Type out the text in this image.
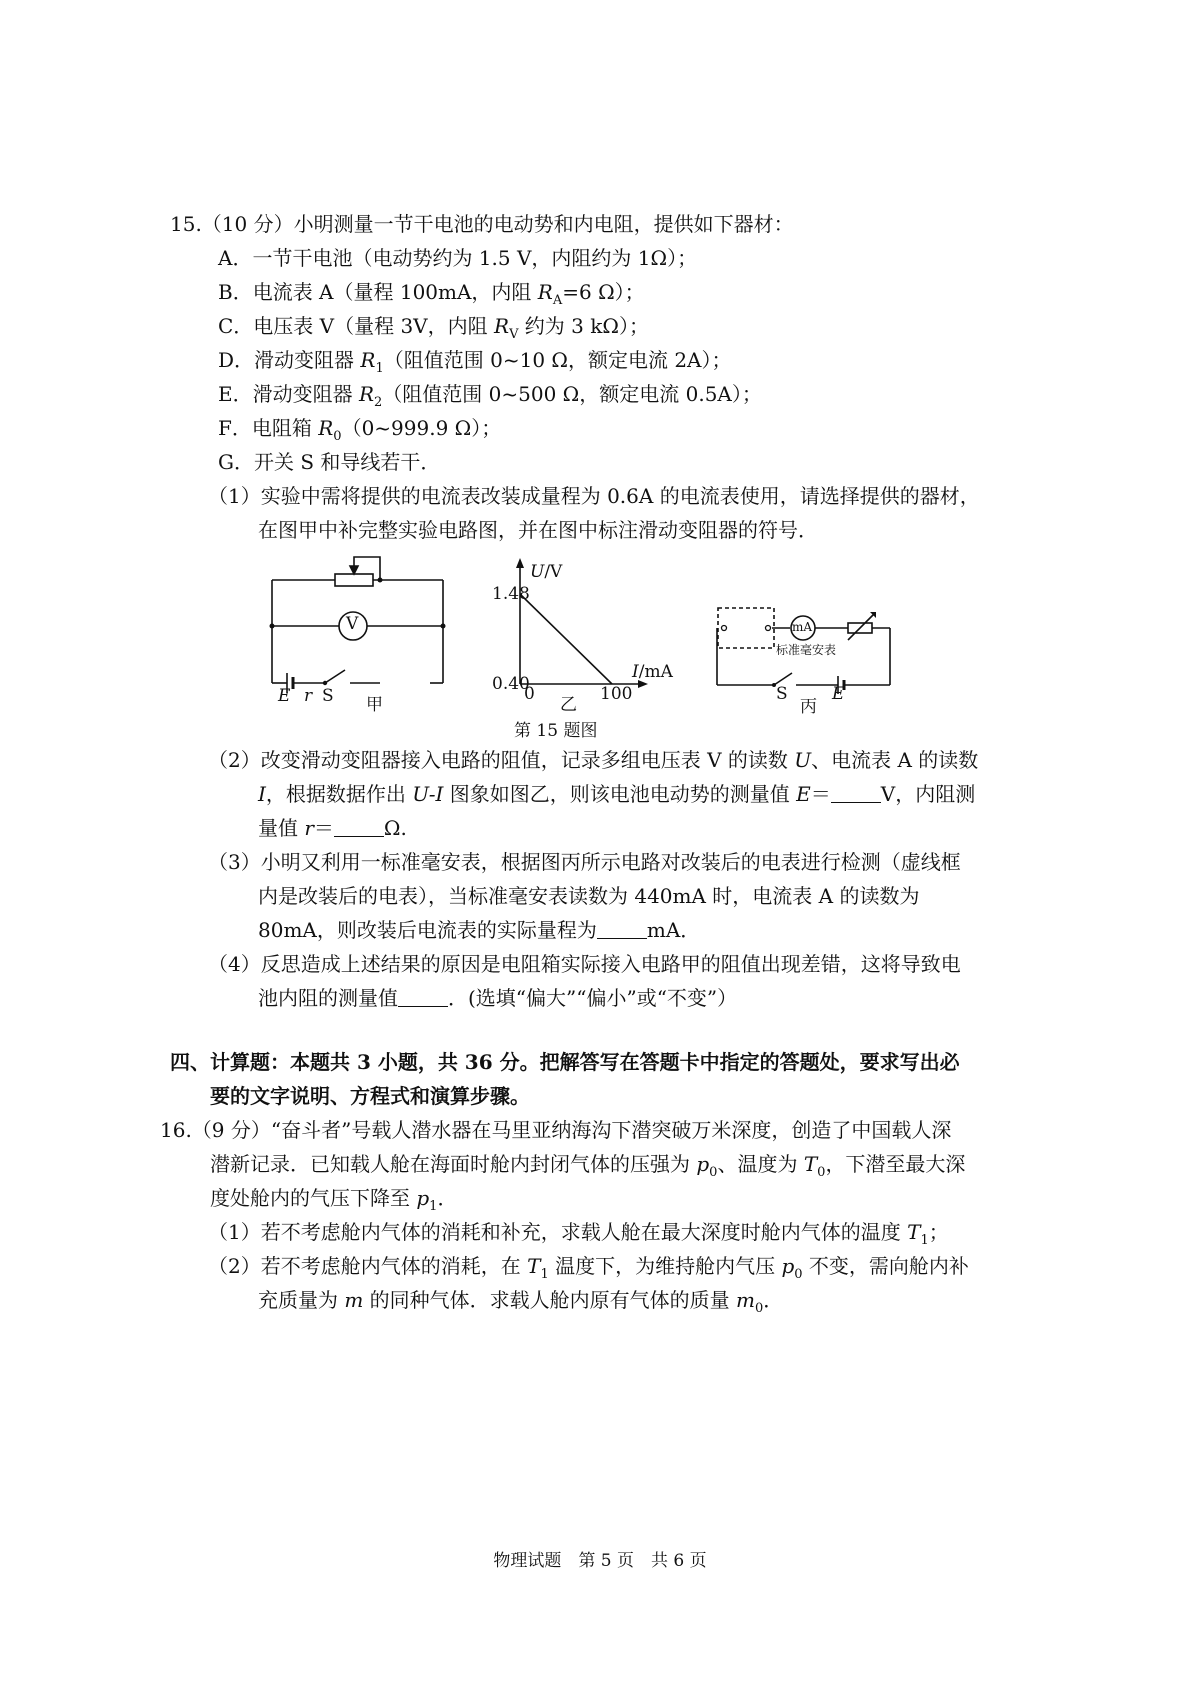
15.（10 分）小明测量一节干电池的电动势和内电阻，提供如下器材：
A．一节干电池（电动势约为 1.5 V，内阻约为 1Ω）；
B．电流表 A（量程 100mA，内阻 $R_A=6$ Ω）；
C．电压表 V（量程 3V，内阻 $R_V$ 约为 3 kΩ）；
D．滑动变阻器 $R_1$（阻值范围 0~10 Ω，额定电流 2A）；
E．滑动变阻器 $R_2$（阻值范围 0~500 Ω，额定电流 0.5A）；
F．电阻箱 $R_0(0\sim 999.9$ Ω）；
G．开关 S 和导线若干．
（1）实验中需将提供的电流表改装成量程为 0.6A 的电流表使用，请选择提供的器材，
在图甲中补完整实验电路图，并在图中标注滑动变阻器的符号．
V
E r S 甲
U/V
I/mA
1.48
0.40
0	100
乙
mA
标准毫安表
S	E
丙
第 15 题图
（2）改变滑动变阻器接入电路的阻值，记录多组电压表 V 的读数 U、电流表 A 的读数
I，根据数据作出 U-I 图象如图乙，则该电池电动势的测量值 E＝	V，内阻测
量值 r＝	Ω.
（3）小明又利用一标准毫安表，根据图丙所示电路对改装后的电表进行检测（虚线框
内是改装后的电表），当标准毫安表读数为 440mA 时，电流表 A 的读数为
80mA，则改装后电流表的实际量程为	mA．
（4）反思造成上述结果的原因是电阻箱实际接入电路甲的阻值出现差错，这将导致电
池内阻的测量值	．(选填“偏大”“偏小”或“不变”）
四、计算题：本题共 3 小题，共 36 分。把解答写在答题卡中指定的答题处，要求写出必
要的文字说明、方程式和演算步骤。
16.（9 分）“奋斗者”号载人潜水器在马里亚纳海沟下潜突破万米深度，创造了中国载人深
潜新记录．已知载人舱在海面时舱内封闭气体的压强为 $p_0$、温度为 $T_0$，下潜至最大深
度处舱内的气压下降至 $p_1$．
（1）若不考虑舱内气体的消耗和补充，求载人舱在最大深度时舱内气体的温度 $T_1$；
（2）若不考虑舱内气体的消耗，在 $T_1$ 温度下，为维持舱内气压 $p_0$ 不变，需向舱内补
充质量为 m 的同种气体．求载人舱内原有气体的质量 $m_0$．
物理试题　第 5 页　共 6 页
